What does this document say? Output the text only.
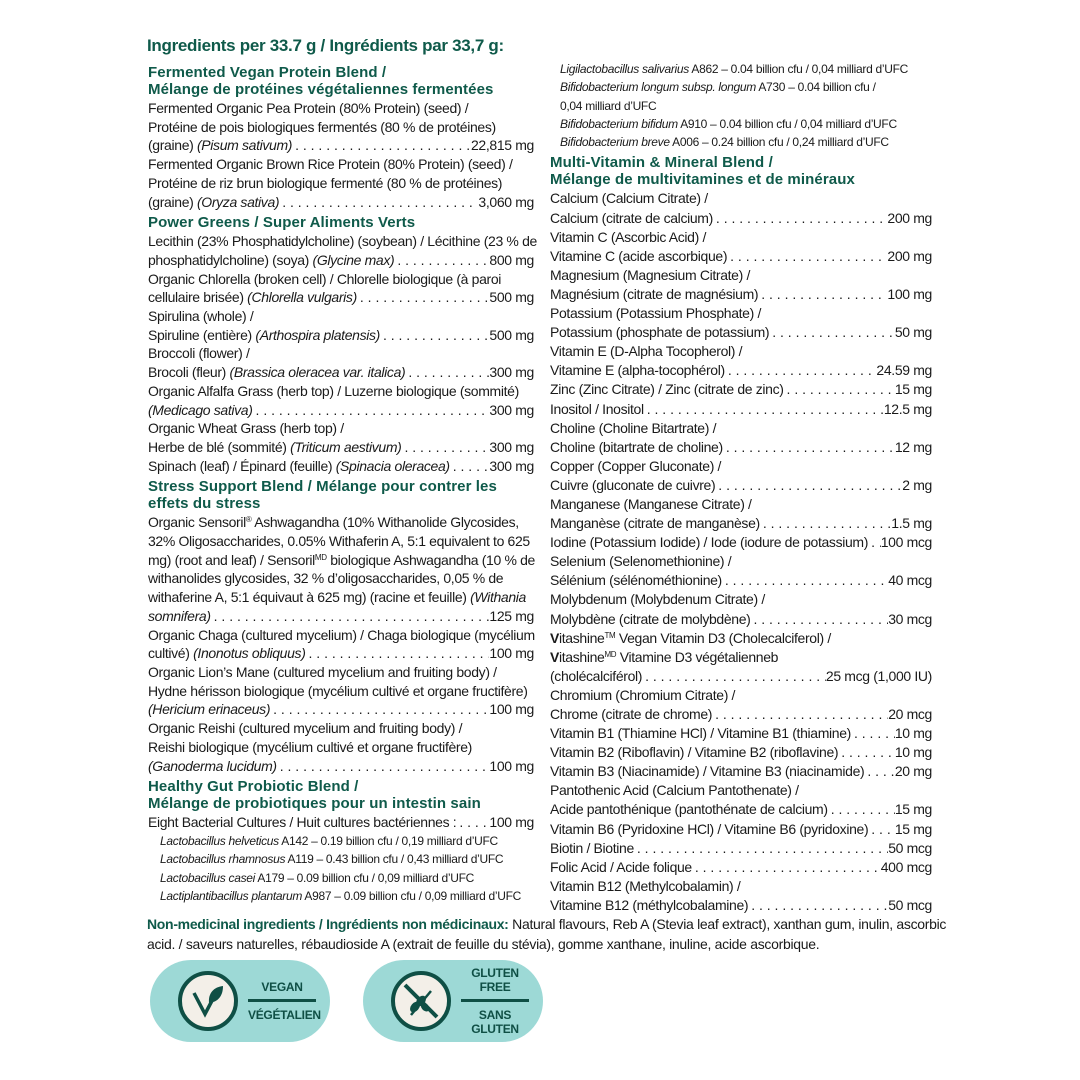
Ingredients per 33.7 g / Ingrédients par 33,7 g:
Fermented Vegan Protein Blend /
Mélange de protéines végétaliennes fermentées
Fermented Organic Pea Protein (80% Protein) (seed) /
Protéine de pois biologiques fermentés (80 % de protéines)
(graine) (Pisum sativum) . . .	22,815 mg
Fermented Organic Brown Rice Protein (80% Protein) (seed) /
Protéine de riz brun biologique fermenté (80 % de protéines)
(graine) (Oryza sativa) . . .	3,060 mg
Power Greens / Super Aliments Verts
Lecithin (23% Phosphatidylcholine) (soybean) / Lécithine (23 % de
phosphatidylcholine) (soya) (Glycine max) . . .	800 mg
Organic Chlorella (broken cell) / Chlorelle biologique (à paroi
cellulaire brisée) (Chlorella vulgaris) . . .	500 mg
Spirulina (whole) /
Spiruline (entière) (Arthospira platensis) . . .	500 mg
Broccoli (flower) /
Brocoli (fleur) (Brassica oleracea var. italica) . . .	300 mg
Organic Alfalfa Grass (herb top) / Luzerne biologique (sommité)
(Medicago sativa) . . .	300 mg
Organic Wheat Grass (herb top) /
Herbe de blé (sommité) (Triticum aestivum) . . .	300 mg
Spinach (leaf) / Épinard (feuille) (Spinacia oleracea) . . .	300 mg
Stress Support Blend / Mélange pour contrer les
effets du stress
Organic Sensoril® Ashwagandha (10% Withanolide Glycosides,
32% Oligosaccharides, 0.05% Withaferin A, 5:1 equivalent to 625
mg) (root and leaf) / Sensoril$^{MD}$ biologique Ashwagandha (10 % de
withanolides glycosides, 32 % d’oligosaccharides, 0,05 % de
withaferine A, 5:1 équivaut à 625 mg) (racine et feuille) (Withania
somnifera) . . .	125 mg
Organic Chaga (cultured mycelium) / Chaga biologique (mycélium
cultivé) (Inonotus obliquus) . . .	100 mg
Organic Lion’s Mane (cultured mycelium and fruiting body) /
Hydne hérisson biologique (mycélium cultivé et organe fructifère)
(Hericium erinaceus) . . .	100 mg
Organic Reishi (cultured mycelium and fruiting body) /
Reishi biologique (mycélium cultivé et organe fructifère)
(Ganoderma lucidum) . . .	100 mg
Healthy Gut Probiotic Blend /
Mélange de probiotiques pour un intestin sain
Eight Bacterial Cultures / Huit cultures bactériennes : . . . 100 mg
Lactobacillus helveticus A142 – 0.19 billion cfu / 0,19 milliard d’UFC
Lactobacillus rhamnosus A119 – 0.43 billion cfu / 0,43 milliard d’UFC
Lactobacillus casei A179 – 0.09 billion cfu / 0,09 milliard d’UFC
Lactiplantibacillus plantarum A987 – 0.09 billion cfu / 0,09 milliard d’UFC
Ligilactobacillus salivarius A862 – 0.04 billion cfu / 0,04 milliard d’UFC
Bifidobacterium longum subsp. longum A730 – 0.04 billion cfu /
0,04 milliard d’UFC
Bifidobacterium bifidum A910 – 0.04 billion cfu / 0,04 milliard d’UFC
Bifidobacterium breve A006 – 0.24 billion cfu / 0,24 milliard d’UFC
Multi-Vitamin & Mineral Blend /
Mélange de multivitamines et de minéraux
Calcium (Calcium Citrate) /
Calcium (citrate de calcium) . . .	200 mg
Vitamin C (Ascorbic Acid) /
Vitamine C (acide ascorbique) . . .	200 mg
Magnesium (Magnesium Citrate) /
Magnésium (citrate de magnésium) . . .	100 mg
Potassium (Potassium Phosphate) /
Potassium (phosphate de potassium) . . .	50 mg
Vitamin E (D-Alpha Tocopherol) /
Vitamine E (alpha-tocophérol) . . .	24.59 mg
Zinc (Zinc Citrate) / Zinc (citrate de zinc) . . .	15 mg
Inositol / Inositol . . .	12.5 mg
Choline (Choline Bitartrate) /
Choline (bitartrate de choline) . . .	12 mg
Copper (Copper Gluconate) /
Cuivre (gluconate de cuivre) . . .	2 mg
Manganese (Manganese Citrate) /
Manganèse (citrate de manganèse) . . .	1.5 mg
Iodine (Potassium Iodide) / Iode (iodure de potassium) . . . 100 mcg
Selenium (Selenomethionine) /
Sélénium (sélénométhionine) . . .	40 mcg
Molybdenum (Molybdenum Citrate) /
Molybdène (citrate de molybdène) . . .	30 mcg
Vitashine™ Vegan Vitamin D3 (Cholecalciferol) /
Vitashine$^{MD}$ Vitamine D3 végétalienneb
(cholécalciférol) . . .	25 mcg (1,000 IU)
Chromium (Chromium Citrate) /
Chrome (citrate de chrome) . . .	20 mcg
Vitamin B1 (Thiamine HCl) / Vitamine B1 (thiamine) . . .	10 mg
Vitamin B2 (Riboflavin) / Vitamine B2 (riboflavine) . . .	10 mg
Vitamin B3 (Niacinamide) / Vitamine B3 (niacinamide) . . . 20 mg
Pantothenic Acid (Calcium Pantothenate) /
Acide pantothénique (pantothénate de calcium) . . .	15 mg
Vitamin B6 (Pyridoxine HCl) / Vitamine B6 (pyridoxine) . . . 15 mg
Biotin / Biotine . . .	50 mcg
Folic Acid / Acide folique . . .	400 mcg
Vitamin B12 (Methylcobalamin) /
Vitamine B12 (méthylcobalamine) . . .	50 mcg
Non-medicinal ingredients / Ingrédients non médicinaux: Natural flavours, Reb A (Stevia leaf extract), xanthan gum, inulin, ascorbic acid. / saveurs naturelles, rébaudioside A (extrait de feuille du stévia), gomme xanthane, inuline, acide ascorbique.
VEGAN
VÉGÉTALIEN
GLUTEN FREE
SANS GLUTEN
